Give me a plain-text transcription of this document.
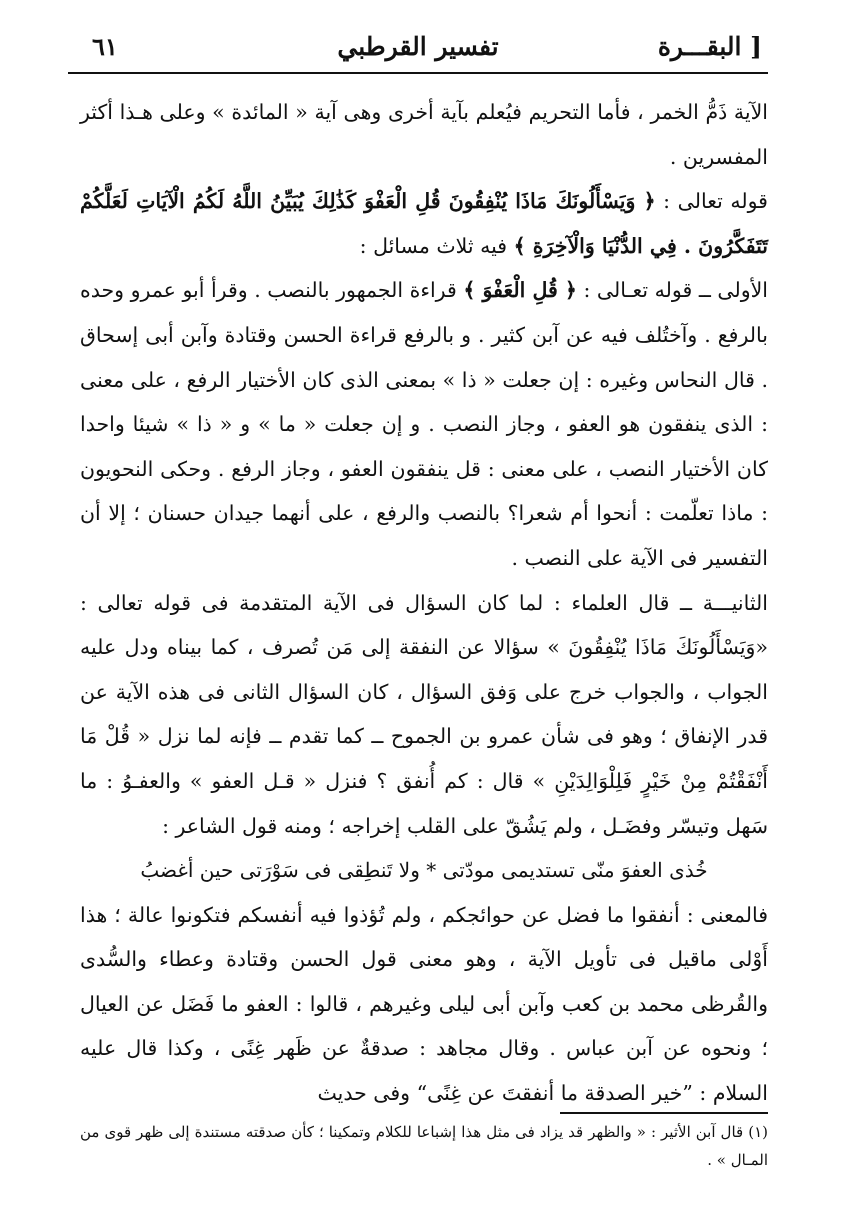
٦١	تفسير القرطبي	البقـــرة ]

الآية ذَمُّ الخمر ، فأما التحريم فيُعلم بآية أخرى وهى آية « المائدة » وعلى هـذا أكثر المفسرين .

قوله تعالى : ﴿ وَيَسْأَلُونَكَ مَاذَا يُنْفِقُونَ قُلِ الْعَفْوَ كَذَٰلِكَ يُبَيِّنُ اللَّهُ لَكُمُ الْآيَاتِ لَعَلَّكُمْ تَتَفَكَّرُونَ . فِي الدُّنْيَا وَالْآخِرَةِ ﴾ فيه ثلاث مسائل :

الأولى ــ قوله تعـالى : ﴿ قُلِ الْعَفْوَ ﴾ قراءة الجمهور بالنصب . وقرأ أبو عمرو وحده بالرفع . وآختُلف فيه عن آبن كثير . و بالرفع قراءة الحسن وقتادة وآبن أبى إسحاق . قال النحاس وغيره : إن جعلت « ذا » بمعنى الذى كان الأختيار الرفع ، على معنى : الذى ينفقون هو العفو ، وجاز النصب . و إن جعلت « ما » و « ذا » شيئا واحدا كان الأختيار النصب ، على معنى : قل ينفقون العفو ، وجاز الرفع . وحكى النحويون : ماذا تعلّمت : أنحوا أم شعرا؟ بالنصب والرفع ، على أنهما جيدان حسنان ؛ إلا أن التفسير فى الآية على النصب .

الثانيـــة ــ قال العلماء : لما كان السؤال فى الآية المتقدمة فى قوله تعالى : «وَيَسْأَلُونَكَ مَاذَا يُنْفِقُونَ » سؤالا عن النفقة إلى مَن تُصرف ، كما بيناه ودل عليه الجواب ، والجواب خرج على وَفق السؤال ، كان السؤال الثانى فى هذه الآية عن قدر الإنفاق ؛ وهو فى شأن عمرو بن الجموح ــ كما تقدم ــ فإنه لما نزل « قُلْ مَا أَنْفَقْتُمْ مِنْ خَيْرٍ فَلِلْوَالِدَيْنِ » قال : كم أُنفق ؟ فنزل « قـل العفو » والعفـوُ : ما سَهل وتيسّر وفضَـل ، ولم يَشُقّ على القلب إخراجه ؛ ومنه قول الشاعر :

خُذى العفوَ منّى تستديمى مودّتى * ولا تَنطِقى فى سَوْرَتى حين أغضبُ

فالمعنى : أنفقوا ما فضل عن حوائجكم ، ولم تُؤذوا فيه أنفسكم فتكونوا عالة ؛ هذا أَوْلى ماقيل فى تأويل الآية ، وهو معنى قول الحسن وقتادة وعطاء والسُّدى والقُرظى محمد بن كعب وآبن أبى ليلى وغيرهم ، قالوا : العفو ما فَضَل عن العيال ؛ ونحوه عن آبن عباس . وقال مجاهد : صدقةٌ عن ظَهر غِنًى ، وكذا قال عليه السلام : ”خير الصدقة ما أنفقتَ عن غِنًى“ وفى حديث

(١) قال آبن الأثير : « والظهر قد يزاد فى مثل هذا إشباعا للكلام وتمكينا ؛ كأن صدقته مستندة إلى ظهر قوى من المـال » .
